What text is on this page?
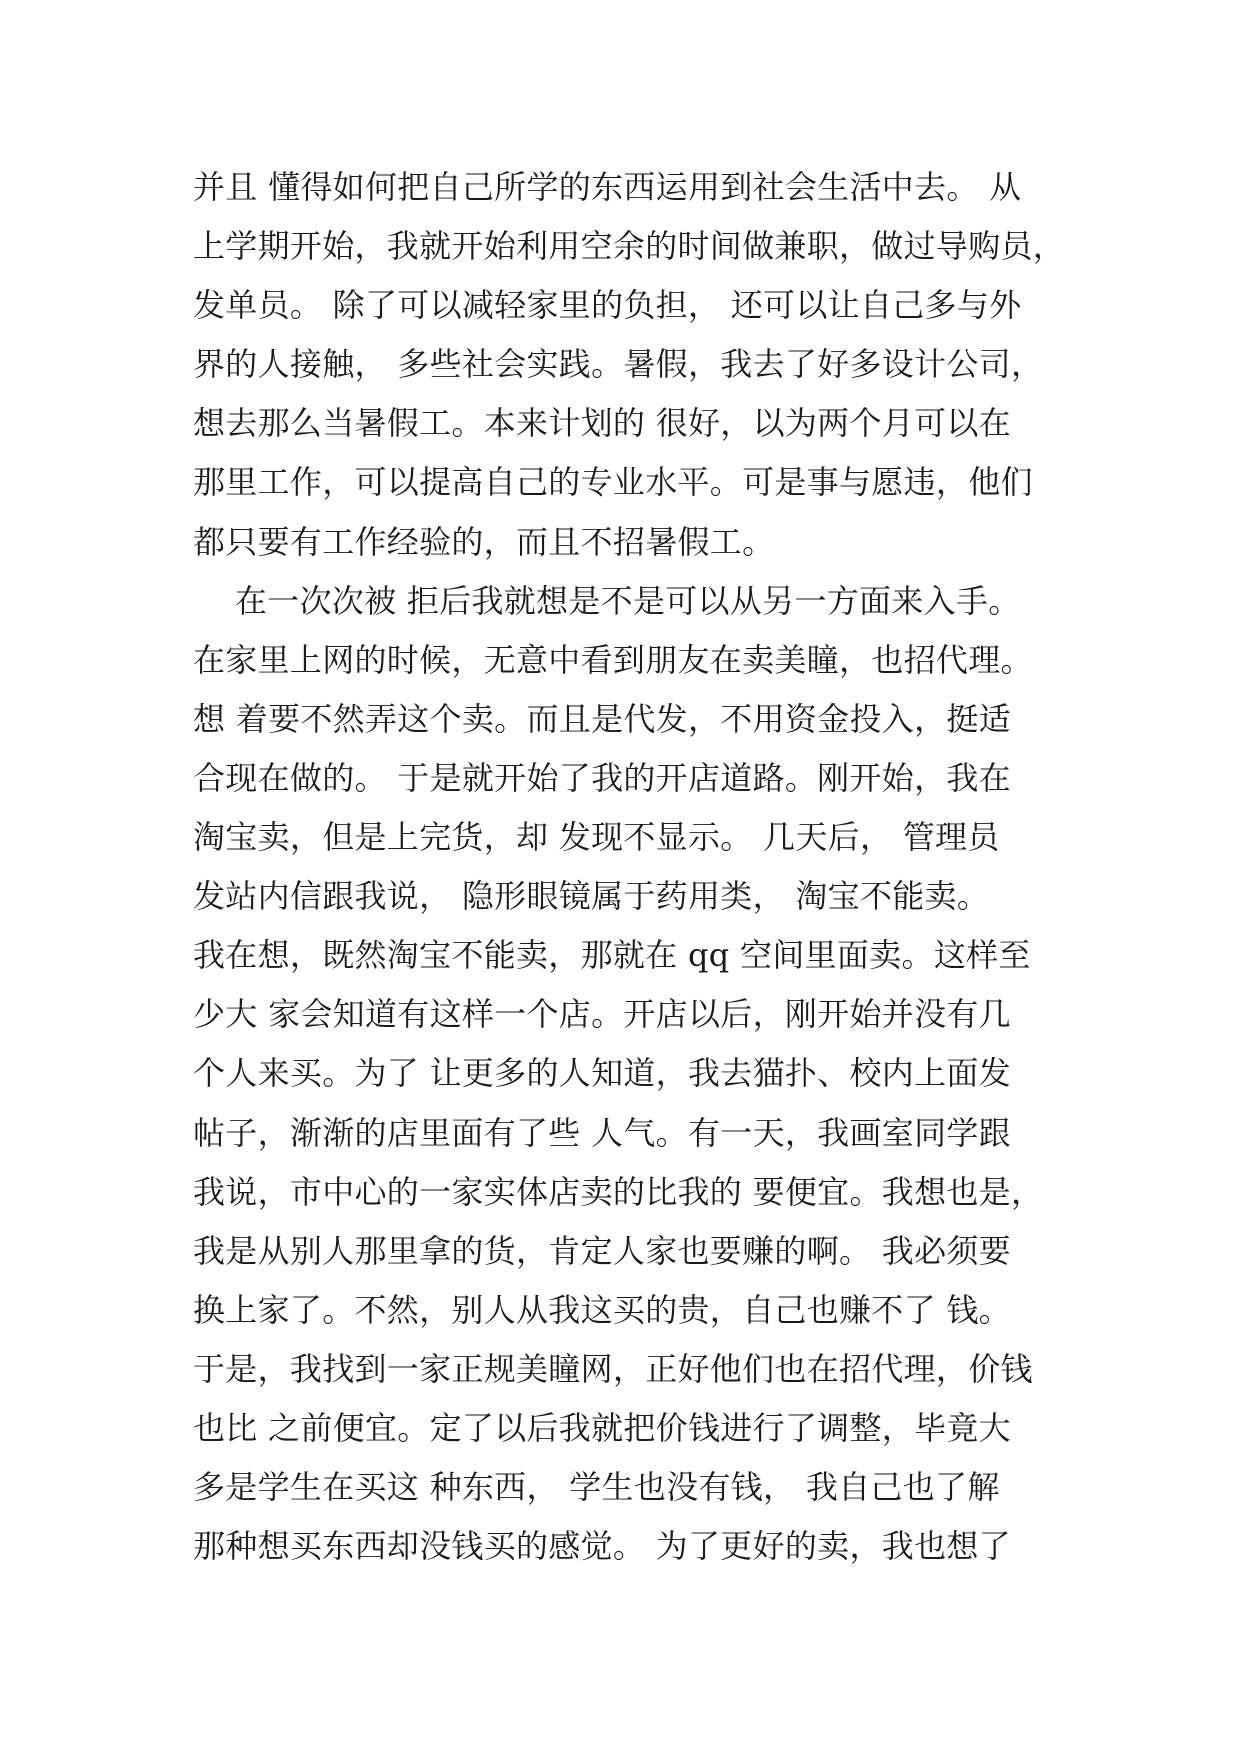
并且 懂得如何把自己所学的东西运用到社会生活中去。 从
上学期开始，我就开始利用空余的时间做兼职，做过导购员，
发单员。 除了可以减轻家里的负担， 还可以让自己多与外
界的人接触， 多些社会实践。暑假，我去了好多设计公司，
想去那么当暑假工。本来计划的 很好，以为两个月可以在
那里工作，可以提高自己的专业水平。可是事与愿违，他们
都只要有工作经验的，而且不招暑假工。
在一次次被 拒后我就想是不是可以从另一方面来入手。
在家里上网的时候，无意中看到朋友在卖美瞳，也招代理。
想 着要不然弄这个卖。而且是代发，不用资金投入，挺适
合现在做的。 于是就开始了我的开店道路。刚开始，我在
淘宝卖，但是上完货，却 发现不显示。 几天后， 管理员
发站内信跟我说， 隐形眼镜属于药用类， 淘宝不能卖。
我在想，既然淘宝不能卖，那就在 qq 空间里面卖。这样至
少大 家会知道有这样一个店。开店以后，刚开始并没有几
个人来买。为了 让更多的人知道，我去猫扑、校内上面发
帖子，渐渐的店里面有了些 人气。有一天，我画室同学跟
我说，市中心的一家实体店卖的比我的 要便宜。我想也是，
我是从别人那里拿的货，肯定人家也要赚的啊。 我必须要
换上家了。不然，别人从我这买的贵，自己也赚不了 钱。
于是，我找到一家正规美瞳网，正好他们也在招代理，价钱
也比 之前便宜。定了以后我就把价钱进行了调整，毕竟大
多是学生在买这 种东西， 学生也没有钱， 我自己也了解
那种想买东西却没钱买的感觉。 为了更好的卖，我也想了
